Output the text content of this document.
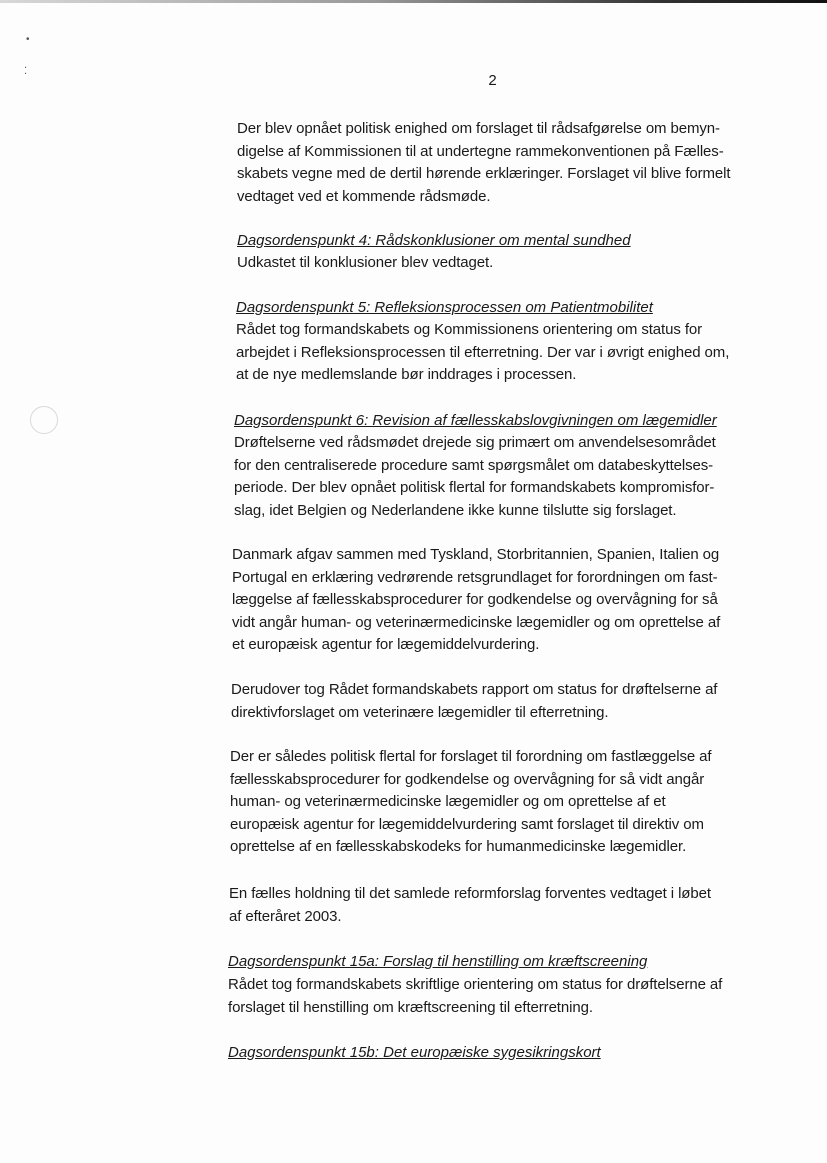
•
⁚
2

Der blev opnået politisk enighed om forslaget til rådsafgørelse om bemyn-
digelse af Kommissionen til at undertegne rammekonventionen på Fælles-
skabets vegne med de dertil hørende erklæringer. Forslaget vil blive formelt
vedtaget ved et kommende rådsmøde.

Dagsordenspunkt 4: Rådskonklusioner om mental sundhed

Udkastet til konklusioner blev vedtaget.

Dagsordenspunkt 5: Refleksionsprocessen om Patientmobilitet

Rådet tog formandskabets og Kommissionens orientering om status for
arbejdet i Refleksionsprocessen til efterretning. Der var i øvrigt enighed om,
at de nye medlemslande bør inddrages i processen.

Dagsordenspunkt 6: Revision af fællesskabslovgivningen om lægemidler

Drøftelserne ved rådsmødet drejede sig primært om anvendelsesområdet
for den centraliserede procedure samt spørgsmålet om databeskyttelses-
periode. Der blev opnået politisk flertal for formandskabets kompromisfor-
slag, idet Belgien og Nederlandene ikke kunne tilslutte sig forslaget.

Danmark afgav sammen med Tyskland, Storbritannien, Spanien, Italien og
Portugal en erklæring vedrørende retsgrundlaget for forordningen om fast-
læggelse af fællesskabsprocedurer for godkendelse og overvågning for så
vidt angår human- og veterinærmedicinske lægemidler og om oprettelse af
et europæisk agentur for lægemiddelvurdering.

Derudover tog Rådet formandskabets rapport om status for drøftelserne af
direktivforslaget om veterinære lægemidler til efterretning.

Der er således politisk flertal for forslaget til forordning om fastlæggelse af
fællesskabsprocedurer for godkendelse og overvågning for så vidt angår
human- og veterinærmedicinske lægemidler og om oprettelse af et
europæisk agentur for lægemiddelvurdering samt forslaget til direktiv om
oprettelse af en fællesskabskodeks for humanmedicinske lægemidler.

En fælles holdning til det samlede reformforslag forventes vedtaget i løbet
af efteråret 2003.

Dagsordenspunkt 15a: Forslag til henstilling om kræftscreening

Rådet tog formandskabets skriftlige orientering om status for drøftelserne af
forslaget til henstilling om kræftscreening til efterretning.

Dagsordenspunkt 15b: Det europæiske sygesikringskort
